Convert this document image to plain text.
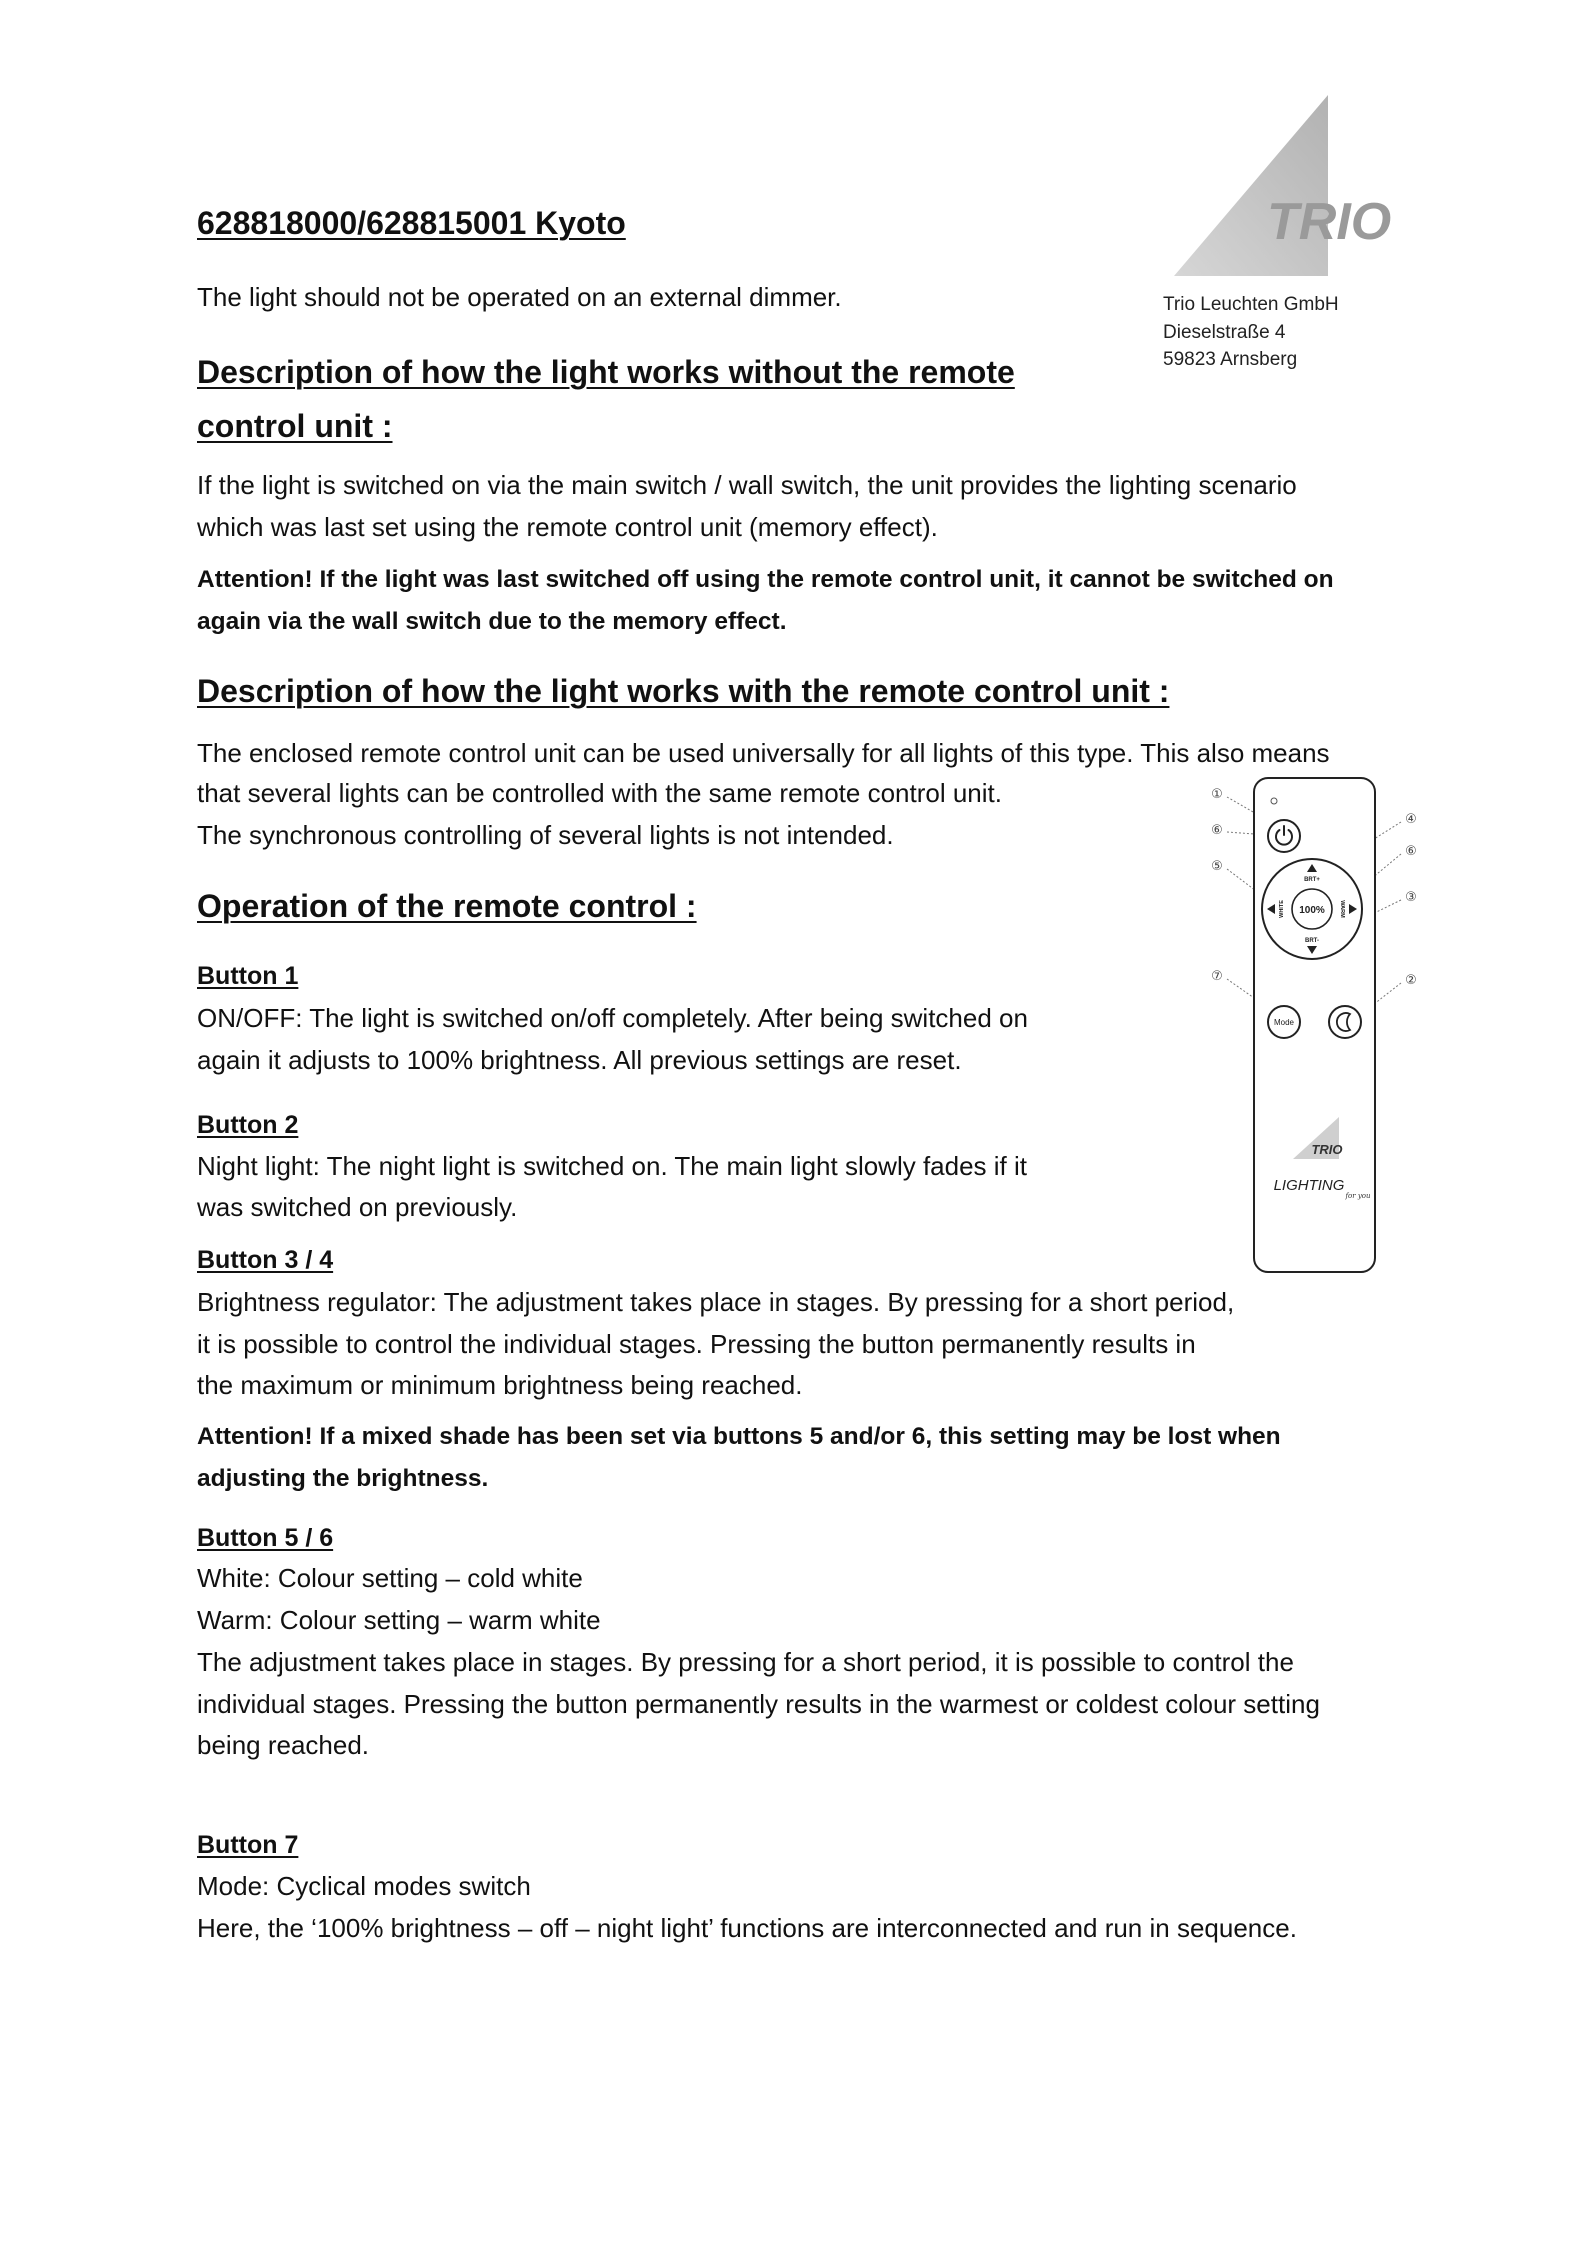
TRIO
Trio Leuchten GmbH
Dieselstraße 4
59823 Arnsberg
628818000/628815001 Kyoto
The light should not be operated on an external dimmer.
Description of how the light works without the remote
control unit :
If the light is switched on via the main switch / wall switch, the unit provides the lighting scenario
which was last set using the remote control unit (memory effect).
Attention! If the light was last switched off using the remote control unit, it cannot be switched on
again via the wall switch due to the memory effect.
Description of how the light works with the remote control unit :
The enclosed remote control unit can be used universally for all lights of this type. This also means
that several lights can be controlled with the same remote control unit.
The synchronous controlling of several lights is not intended.
Operation of the remote control :
Button 1
ON/OFF: The light is switched on/off completely. After being switched on
again it adjusts to 100% brightness. All previous settings are reset.
Button 2
Night light: The night light is switched on. The main light slowly fades if it
was switched on previously.
Button 3 / 4
Brightness regulator: The adjustment takes place in stages. By pressing for a short period,
it is possible to control the individual stages. Pressing the button permanently results in
the maximum or minimum brightness being reached.
Attention! If a mixed shade has been set via buttons 5 and/or 6, this setting may be lost when
adjusting the brightness.
Button 5 / 6
White: Colour setting – cold white
Warm: Colour setting – warm white
The adjustment takes place in stages. By pressing for a short period, it is possible to control the
individual stages. Pressing the button permanently results in the warmest or coldest colour setting
being reached.
Button 7
Mode: Cyclical modes switch
Here, the ‘100% brightness – off – night light’ functions are interconnected and run in sequence.
①
⑥
⑤
⑦
④
⑥
③
②
100%
BRT+
BRT-
WHITE	WARM
Mode
TRIO
LIGHTING
for you
